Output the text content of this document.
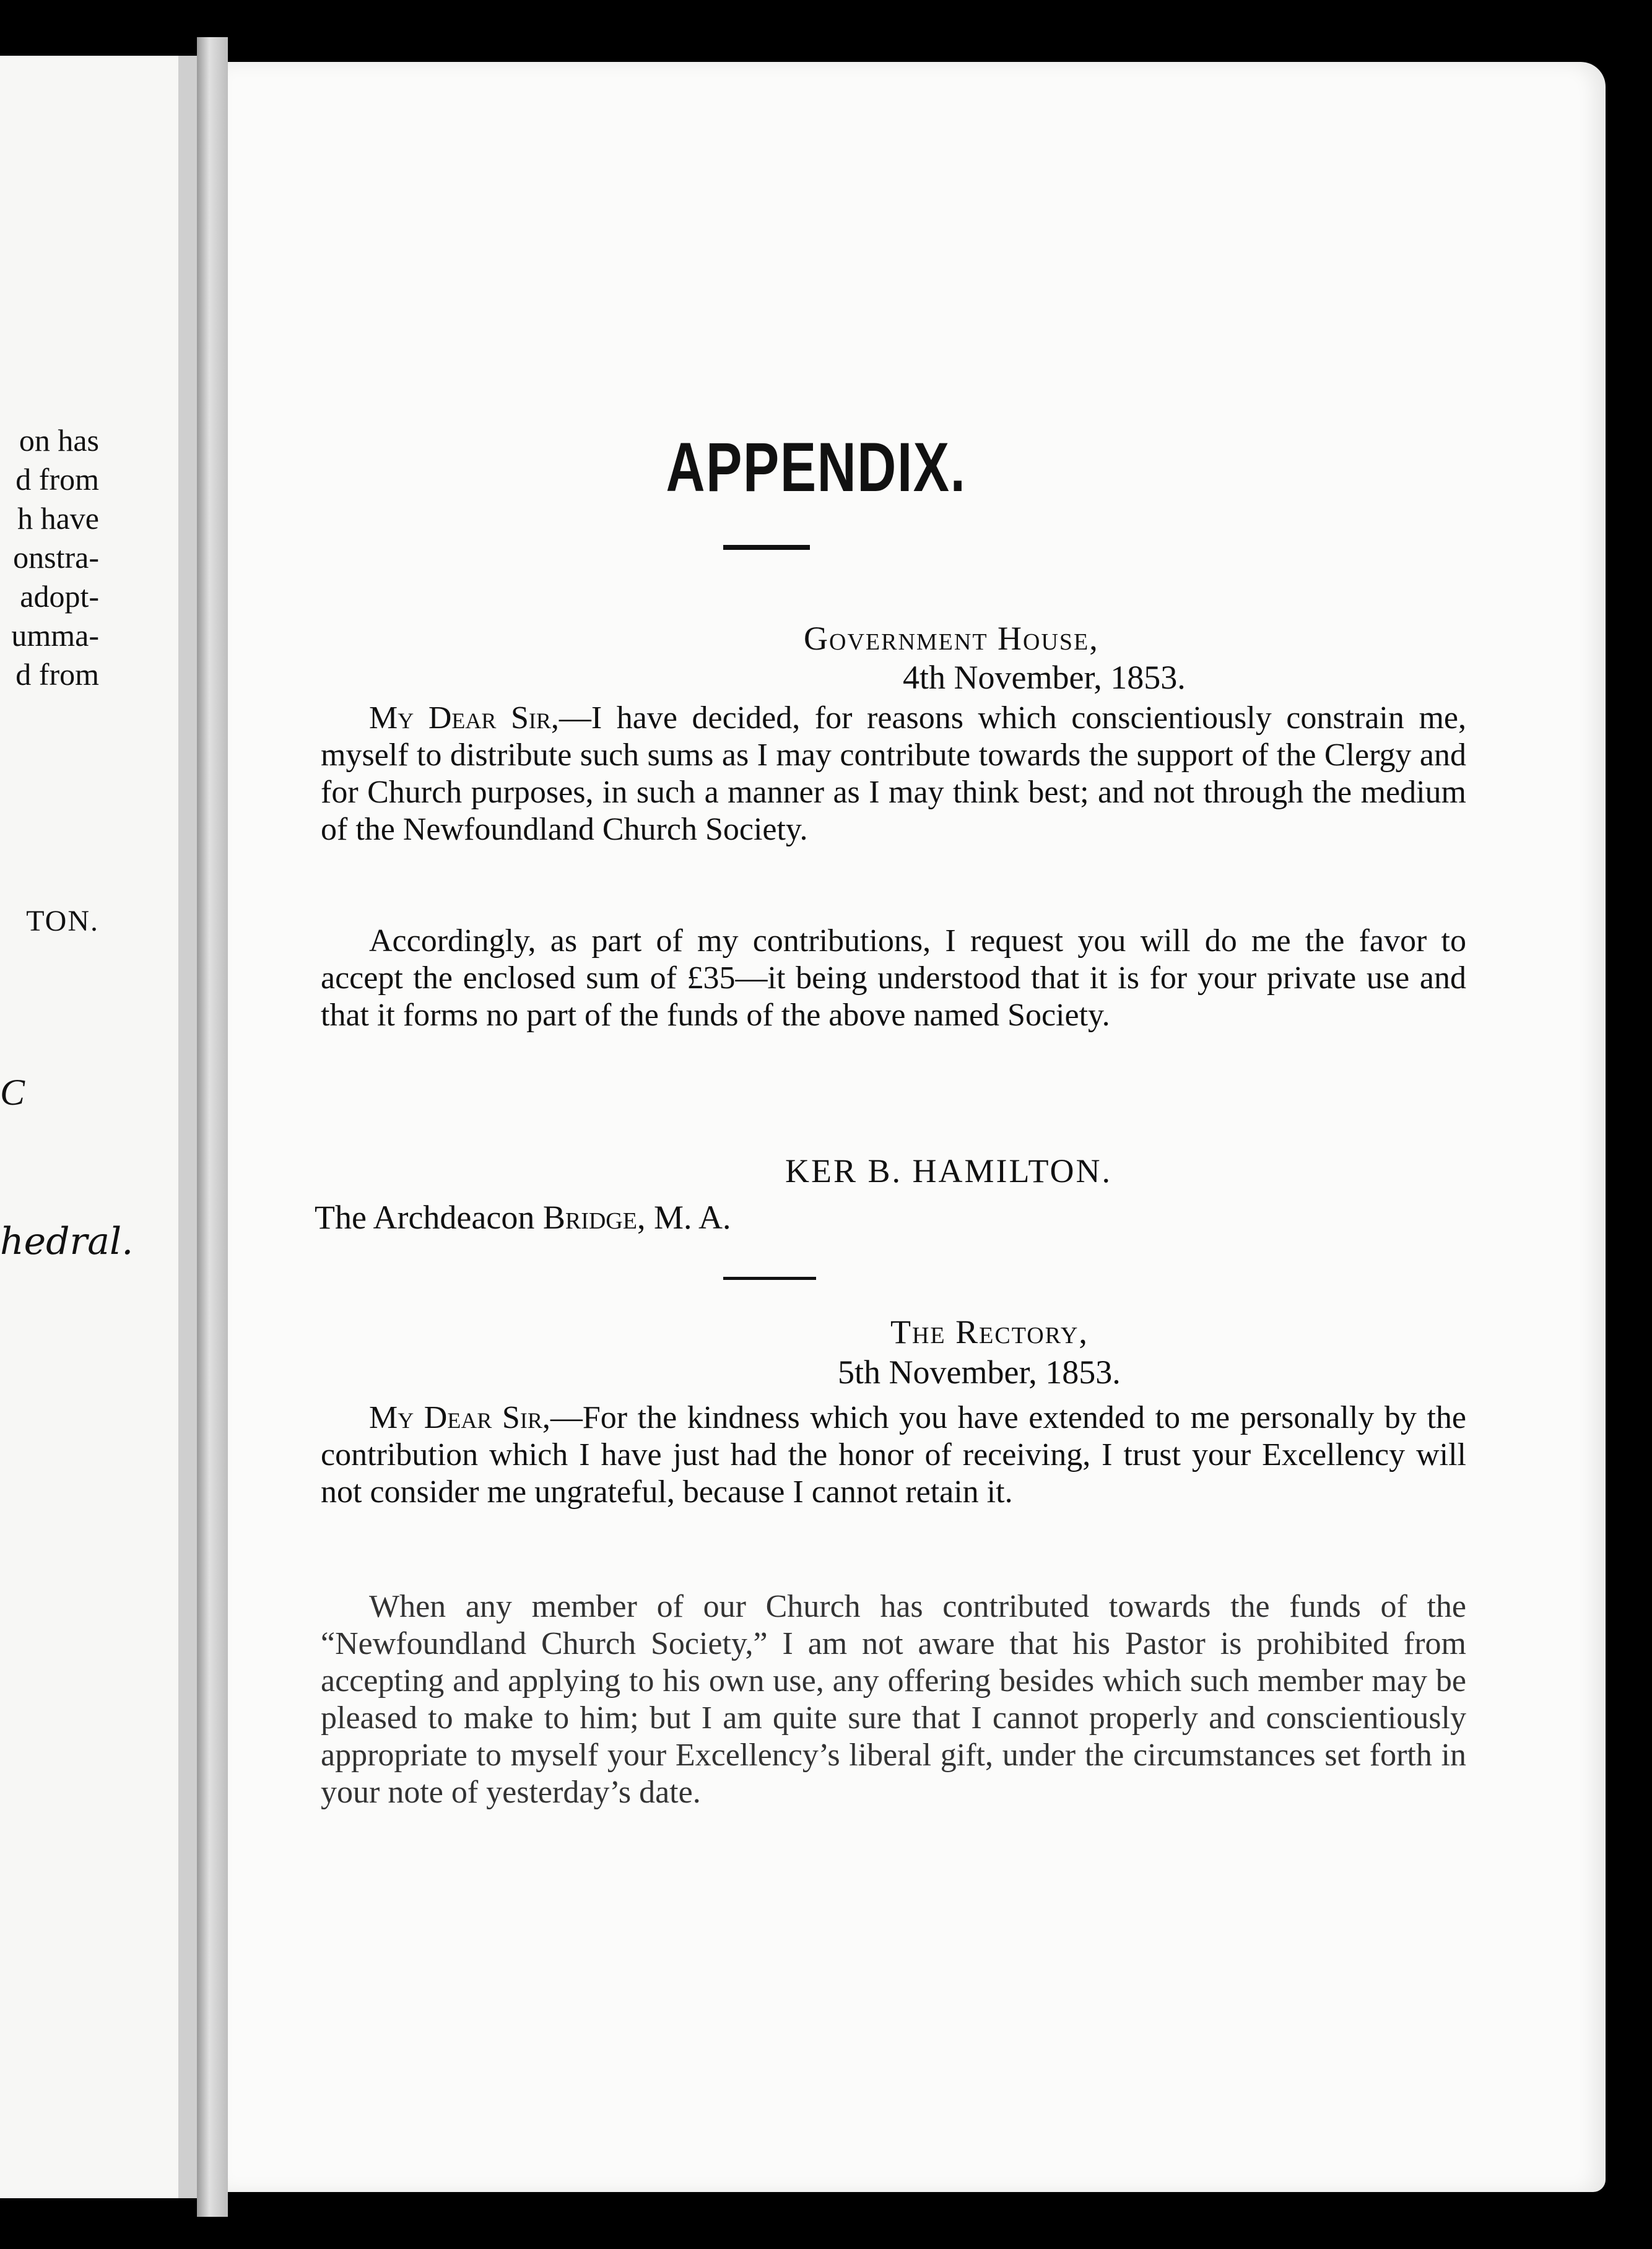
on has
d from
h have
onstra-
adopt-
umma-
d from
TON.
C
hedral.
APPENDIX.
Government House,
4th November, 1853.
My Dear Sir,—I have decided, for reasons which conscientiously constrain me, myself to distribute such sums as I may contribute towards the support of the Clergy and for Church purposes, in such a manner as I may think best; and not through the medium of the Newfoundland Church Society.
Accordingly, as part of my contributions, I request you will do me the favor to accept the enclosed sum of £35—it being understood that it is for your private use and that it forms no part of the funds of the above named Society.
KER B. HAMILTON.
The Archdeacon Bridge, M. A.
The Rectory,
5th November, 1853.
My Dear Sir,—For the kindness which you have extended to me personally by the contribution which I have just had the honor of receiving, I trust your Excellency will not consider me ungrateful, because I cannot retain it.
When any member of our Church has contributed towards the funds of the “Newfoundland Church Society,” I am not aware that his Pastor is prohibited from accepting and applying to his own use, any offering besides which such member may be pleased to make to him; but I am quite sure that I cannot properly and conscientiously appropriate to myself your Excellency’s liberal gift, under the circumstances set forth in your note of yesterday’s date.
